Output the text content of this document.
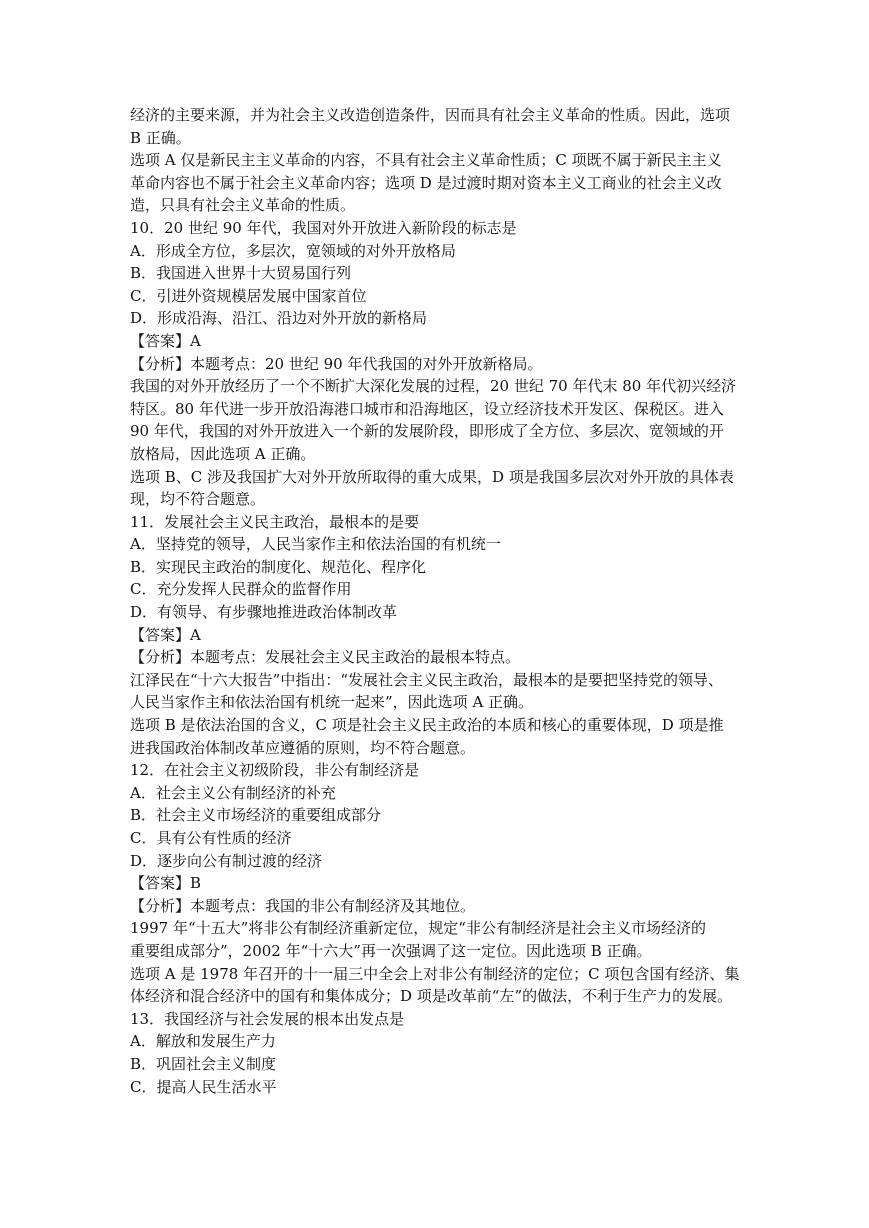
经济的主要来源，并为社会主义改造创造条件，因而具有社会主义革命的性质。因此，选项
B 正确。
选项 A 仅是新民主主义革命的内容，不具有社会主义革命性质；C 项既不属于新民主主义
革命内容也不属于社会主义革命内容；选项 D 是过渡时期对资本主义工商业的社会主义改
造，只具有社会主义革命的性质。
10．20 世纪 90 年代，我国对外开放进入新阶段的标志是
A．形成全方位，多层次，宽领域的对外开放格局
B．我国进入世界十大贸易国行列
C．引进外资规模居发展中国家首位
D．形成沿海、沿江、沿边对外开放的新格局
【答案】A
【分析】本题考点：20 世纪 90 年代我国的对外开放新格局。
我国的对外开放经历了一个不断扩大深化发展的过程，20 世纪 70 年代末 80 年代初兴经济
特区。80 年代进一步开放沿海港口城市和沿海地区，设立经济技术开发区、保税区。进入
90 年代，我国的对外开放进入一个新的发展阶段，即形成了全方位、多层次、宽领域的开
放格局，因此选项 A 正确。
选项 B、C 涉及我国扩大对外开放所取得的重大成果，D 项是我国多层次对外开放的具体表
现，均不符合题意。
11．发展社会主义民主政治，最根本的是要
A．坚持党的领导，人民当家作主和依法治国的有机统一
B．实现民主政治的制度化、规范化、程序化
C．充分发挥人民群众的监督作用
D．有领导、有步骤地推进政治体制改革
【答案】A
【分析】本题考点：发展社会主义民主政治的最根本特点。
江泽民在“十六大报告”中指出：“发展社会主义民主政治，最根本的是要把坚持党的领导、
人民当家作主和依法治国有机统一起来”，因此选项 A 正确。
选项 B 是依法治国的含义，C 项是社会主义民主政治的本质和核心的重要体现，D 项是推
进我国政治体制改革应遵循的原则，均不符合题意。
12．在社会主义初级阶段，非公有制经济是
A．社会主义公有制经济的补充
B．社会主义市场经济的重要组成部分
C．具有公有性质的经济
D．逐步向公有制过渡的经济
【答案】B
【分析】本题考点：我国的非公有制经济及其地位。
1997 年“十五大”将非公有制经济重新定位，规定“非公有制经济是社会主义市场经济的
重要组成部分”，2002 年“十六大”再一次强调了这一定位。因此选项 B 正确。
选项 A 是 1978 年召开的十一届三中全会上对非公有制经济的定位；C 项包含国有经济、集
体经济和混合经济中的国有和集体成分；D 项是改革前“左”的做法，不利于生产力的发展。
13．我国经济与社会发展的根本出发点是
A．解放和发展生产力
B．巩固社会主义制度
C．提高人民生活水平
